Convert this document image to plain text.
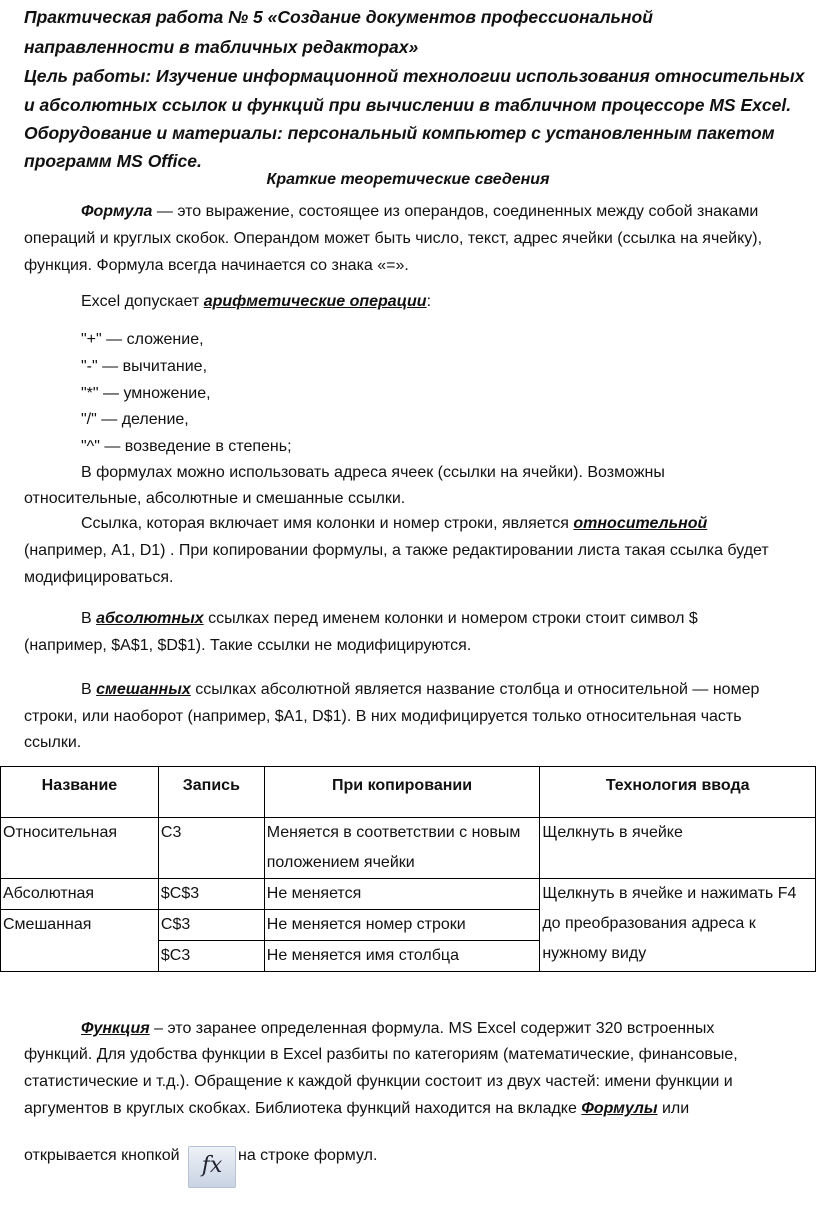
Практическая работа № 5 «Создание документов профессиональной

направленности в табличных редакторах»

Цель работы: Изучение информационной технологии использования относительных

и абсолютных ссылок и функций при вычислении в табличном процессоре MS Excel.

Оборудование и материалы: персональный компьютер с установленным пакетом

программ MS Office.

Краткие теоретические сведения

Формула — это выражение, состоящее из операндов, соединенных между собой знаками

операций и круглых скобок. Операндом может быть число, текст, адрес ячейки (ссылка на ячейку),

функция. Формула всегда начинается со знака «=».

Excel допускает арифметические операции:

"+" — сложение,

"-" — вычитание,

"*" — умножение,

"/" — деление,

"^" — возведение в степень;

В формулах можно использовать адреса ячеек (ссылки на ячейки). Возможны

относительные, абсолютные и смешанные ссылки.

Ссылка, которая включает имя колонки и номер строки, является относительной

(например, A1, D1) . При копировании формулы, а также редактировании листа такая ссылка будет

модифицироваться.

В абсолютных ссылках перед именем колонки и номером строки стоит символ $

(например, $A$1, $D$1). Такие ссылки не модифицируются.

В смешанных ссылках абсолютной является название столбца и относительной — номер

строки, или наоборот (например, $A1, D$1). В них модифицируется только относительная часть

ссылки.

Название	Запись	При копировании	Технология ввода
Относительная	C3	Меняется в соответствии с новым положением ячейки	Щелкнуть в ячейке
Абсолютная	$C$3	Не меняется	Щелкнуть в ячейке и нажимать F4 до преобразования адреса к нужному виду
Смешанная	C$3	Не меняется номер строки	
	$C3	Не меняется имя столбца	

Функция – это заранее определенная формула. MS Excel содержит 320 встроенных

функций. Для удобства функции в Excel разбиты по категориям (математические, финансовые,

статистические и т.д.). Обращение к каждой функции состоит из двух частей: имени функции и

аргументов в круглых скобках. Библиотека функций находится на вкладке Формулы или

открывается кнопкой fx на строке формул.
